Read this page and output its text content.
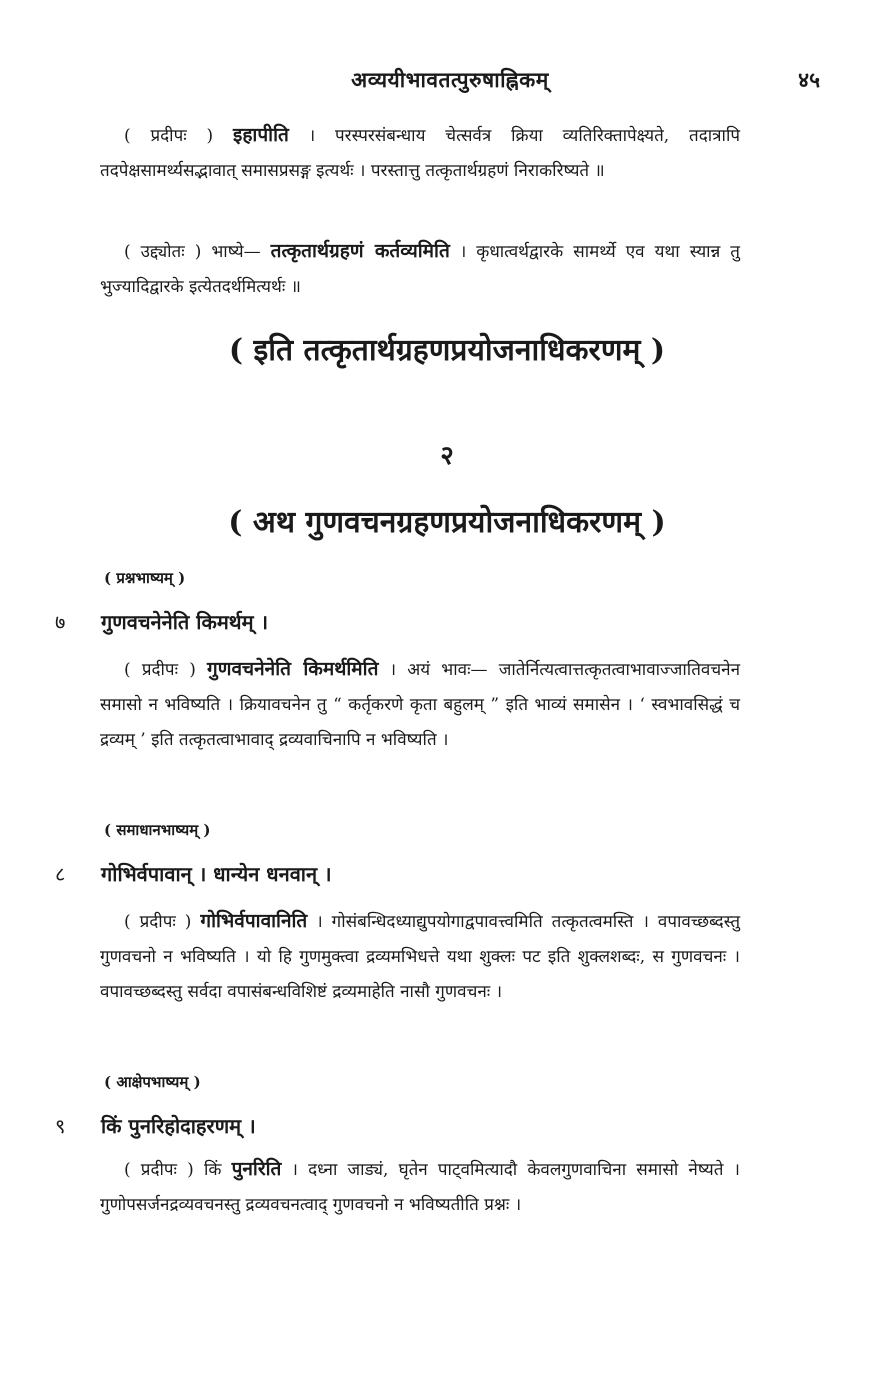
अव्ययीभावतत्पुरुषाह्निकम्	४५
( प्रदीपः ) इहापीति । परस्परसंबन्धाय चेत्सर्वत्र क्रिया व्यतिरिक्तापेक्ष्यते, तदात्रापि तदपेक्षसामर्थ्यसद्भावात् समासप्रसङ्ग इत्यर्थः । परस्तात्तु तत्कृतार्थग्रहणं निराकरिष्यते ॥
( उद्द्योतः ) भाष्ये— तत्कृतार्थग्रहणं कर्तव्यमिति । कृधात्वर्थद्वारके सामर्थ्ये एव यथा स्यान्न तु भुज्यादिद्वारके इत्येतदर्थमित्यर्थः ॥
( इति तत्कृतार्थग्रहणप्रयोजनाधिकरणम् )
२
( अथ गुणवचनग्रहणप्रयोजनाधिकरणम् )
( प्रश्नभाष्यम् )
७ गुणवचनेनेति किमर्थम् ।
( प्रदीपः ) गुणवचनेनेति किमर्थमिति । अयं भावः— जातेर्नित्यत्वात्तत्कृतत्वाभावाज्जातिवचनेन समासो न भविष्यति । क्रियावचनेन तु “ कर्तृकरणे कृता बहुलम् ” इति भाव्यं समासेन । ‘ स्वभावसिद्धं च द्रव्यम् ’ इति तत्कृतत्वाभावाद् द्रव्यवाचिनापि न भविष्यति ।
( समाधानभाष्यम् )
८ गोभिर्वपावान् । धान्येन धनवान् ।
( प्रदीपः ) गोभिर्वपावानिति । गोसंबन्धिदध्याद्युपयोगाद्वपावत्त्वमिति तत्कृतत्वमस्ति । वपावच्छब्दस्तु गुणवचनो न भविष्यति । यो हि गुणमुक्त्वा द्रव्यमभिधत्ते यथा शुक्लः पट इति शुक्लशब्दः, स गुणवचनः । वपावच्छब्दस्तु सर्वदा वपासंबन्धविशिष्टं द्रव्यमाहेति नासौ गुणवचनः ।
( आक्षेपभाष्यम् )
९ किं पुनरिहोदाहरणम् ।
( प्रदीपः ) किं पुनरिति । दध्ना जाड्यं, घृतेन पाट्वमित्यादौ केवलगुणवाचिना समासो नेष्यते । गुणोपसर्जनद्रव्यवचनस्तु द्रव्यवचनत्वाद् गुणवचनो न भविष्यतीति प्रश्नः ।
